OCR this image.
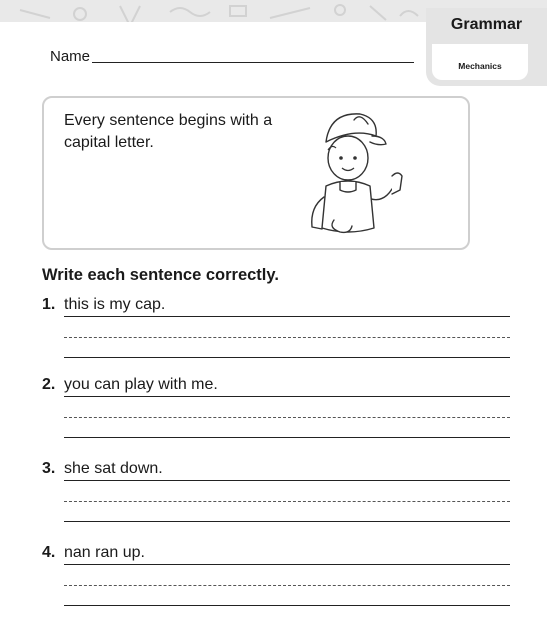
Name
Grammar
Mechanics
Every sentence begins with a capital letter.
Write each sentence correctly.
1. this is my cap.
2. you can play with me.
3. she sat down.
4. nan ran up.
